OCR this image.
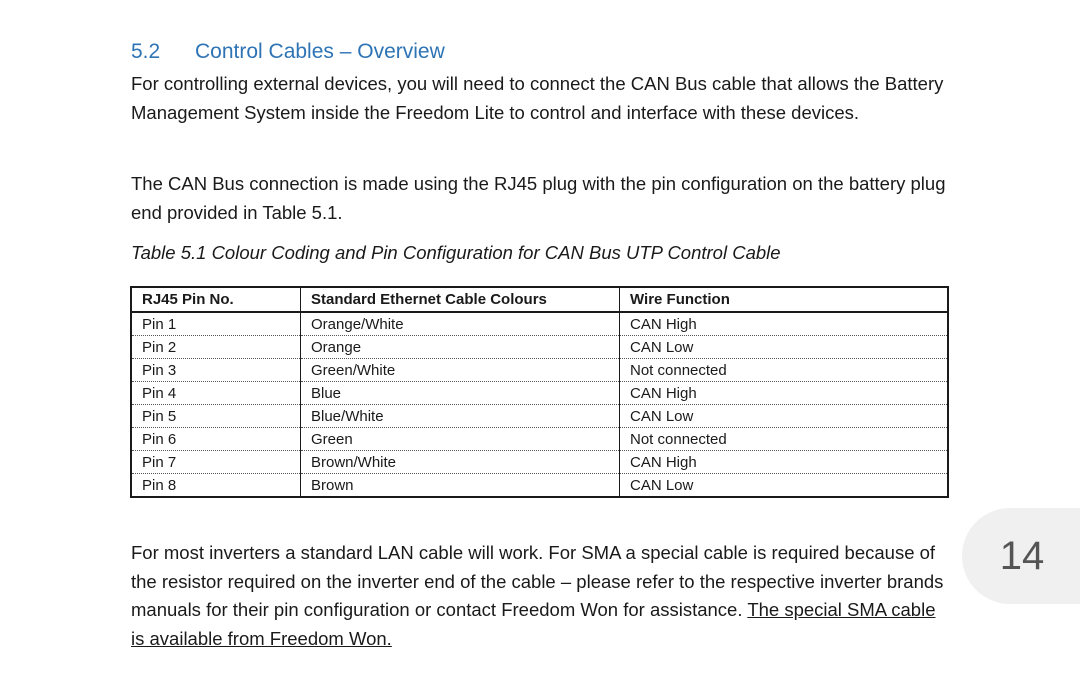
5.2 Control Cables – Overview

For controlling external devices, you will need to connect the CAN Bus cable that allows the Battery Management System inside the Freedom Lite to control and interface with these devices.

The CAN Bus connection is made using the RJ45 plug with the pin configuration on the battery plug end provided in Table 5.1.

Table 5.1 Colour Coding and Pin Configuration for CAN Bus UTP Control Cable

RJ45 Pin No.	Standard Ethernet Cable Colours	Wire Function
Pin 1	Orange/White	CAN High
Pin 2	Orange	CAN Low
Pin 3	Green/White	Not connected
Pin 4	Blue	CAN High
Pin 5	Blue/White	CAN Low
Pin 6	Green	Not connected
Pin 7	Brown/White	CAN High
Pin 8	Brown	CAN Low

For most inverters a standard LAN cable will work. For SMA a special cable is required because of the resistor required on the inverter end of the cable – please refer to the respective inverter brands manuals for their pin configuration or contact Freedom Won for assistance. The special SMA cable is available from Freedom Won.

14
